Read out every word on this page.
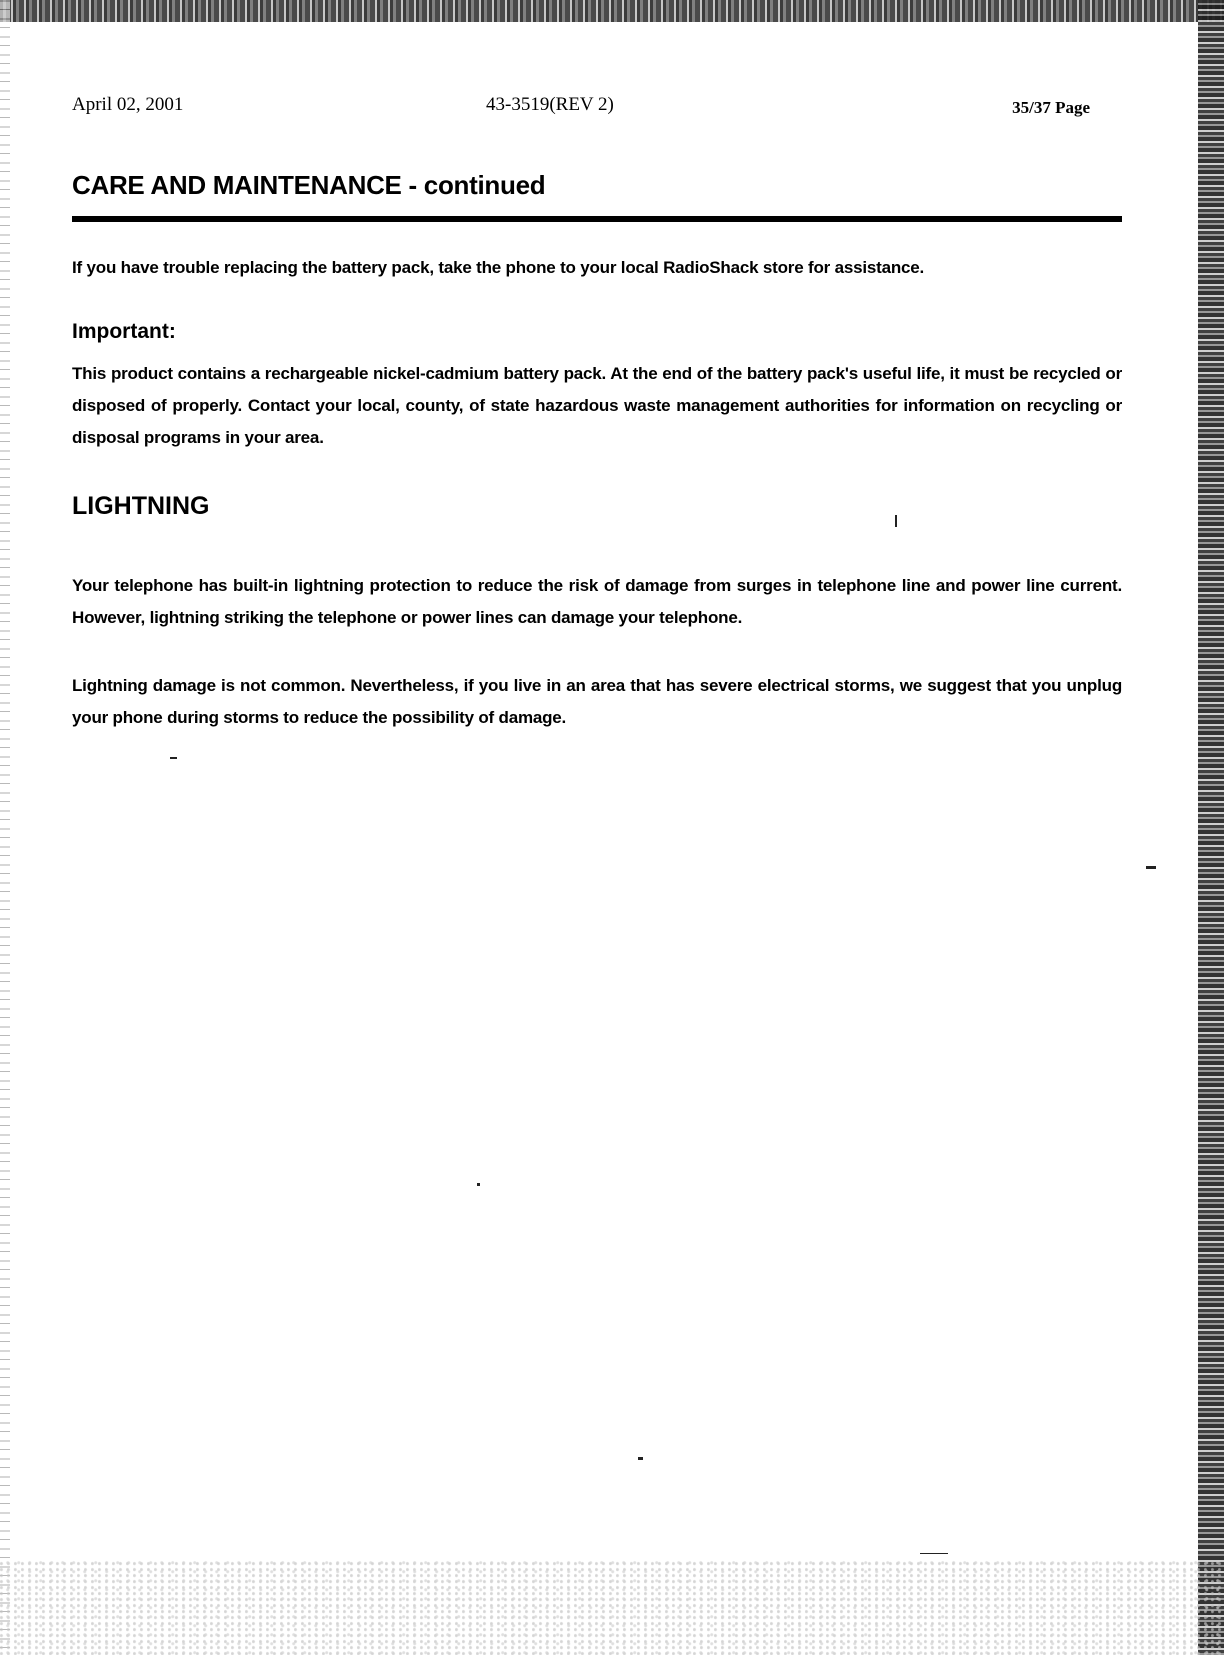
April 02, 2001	43-3519(REV 2)	35/37 Page
CARE AND MAINTENANCE - continued

If you have trouble replacing the battery pack, take the phone to your local RadioShack store for assistance.

Important:

This product contains a rechargeable nickel-cadmium battery pack. At the end of the battery pack's useful life, it must be recycled or disposed of properly. Contact your local, county, of state hazardous waste management authorities for information on recycling or disposal programs in your area.

LIGHTNING

Your telephone has built-in lightning protection to reduce the risk of damage from surges in telephone line and power line current. However, lightning striking the telephone or power lines can damage your telephone.

Lightning damage is not common. Nevertheless, if you live in an area that has severe electrical storms, we suggest that you unplug your phone during storms to reduce the possibility of damage.
